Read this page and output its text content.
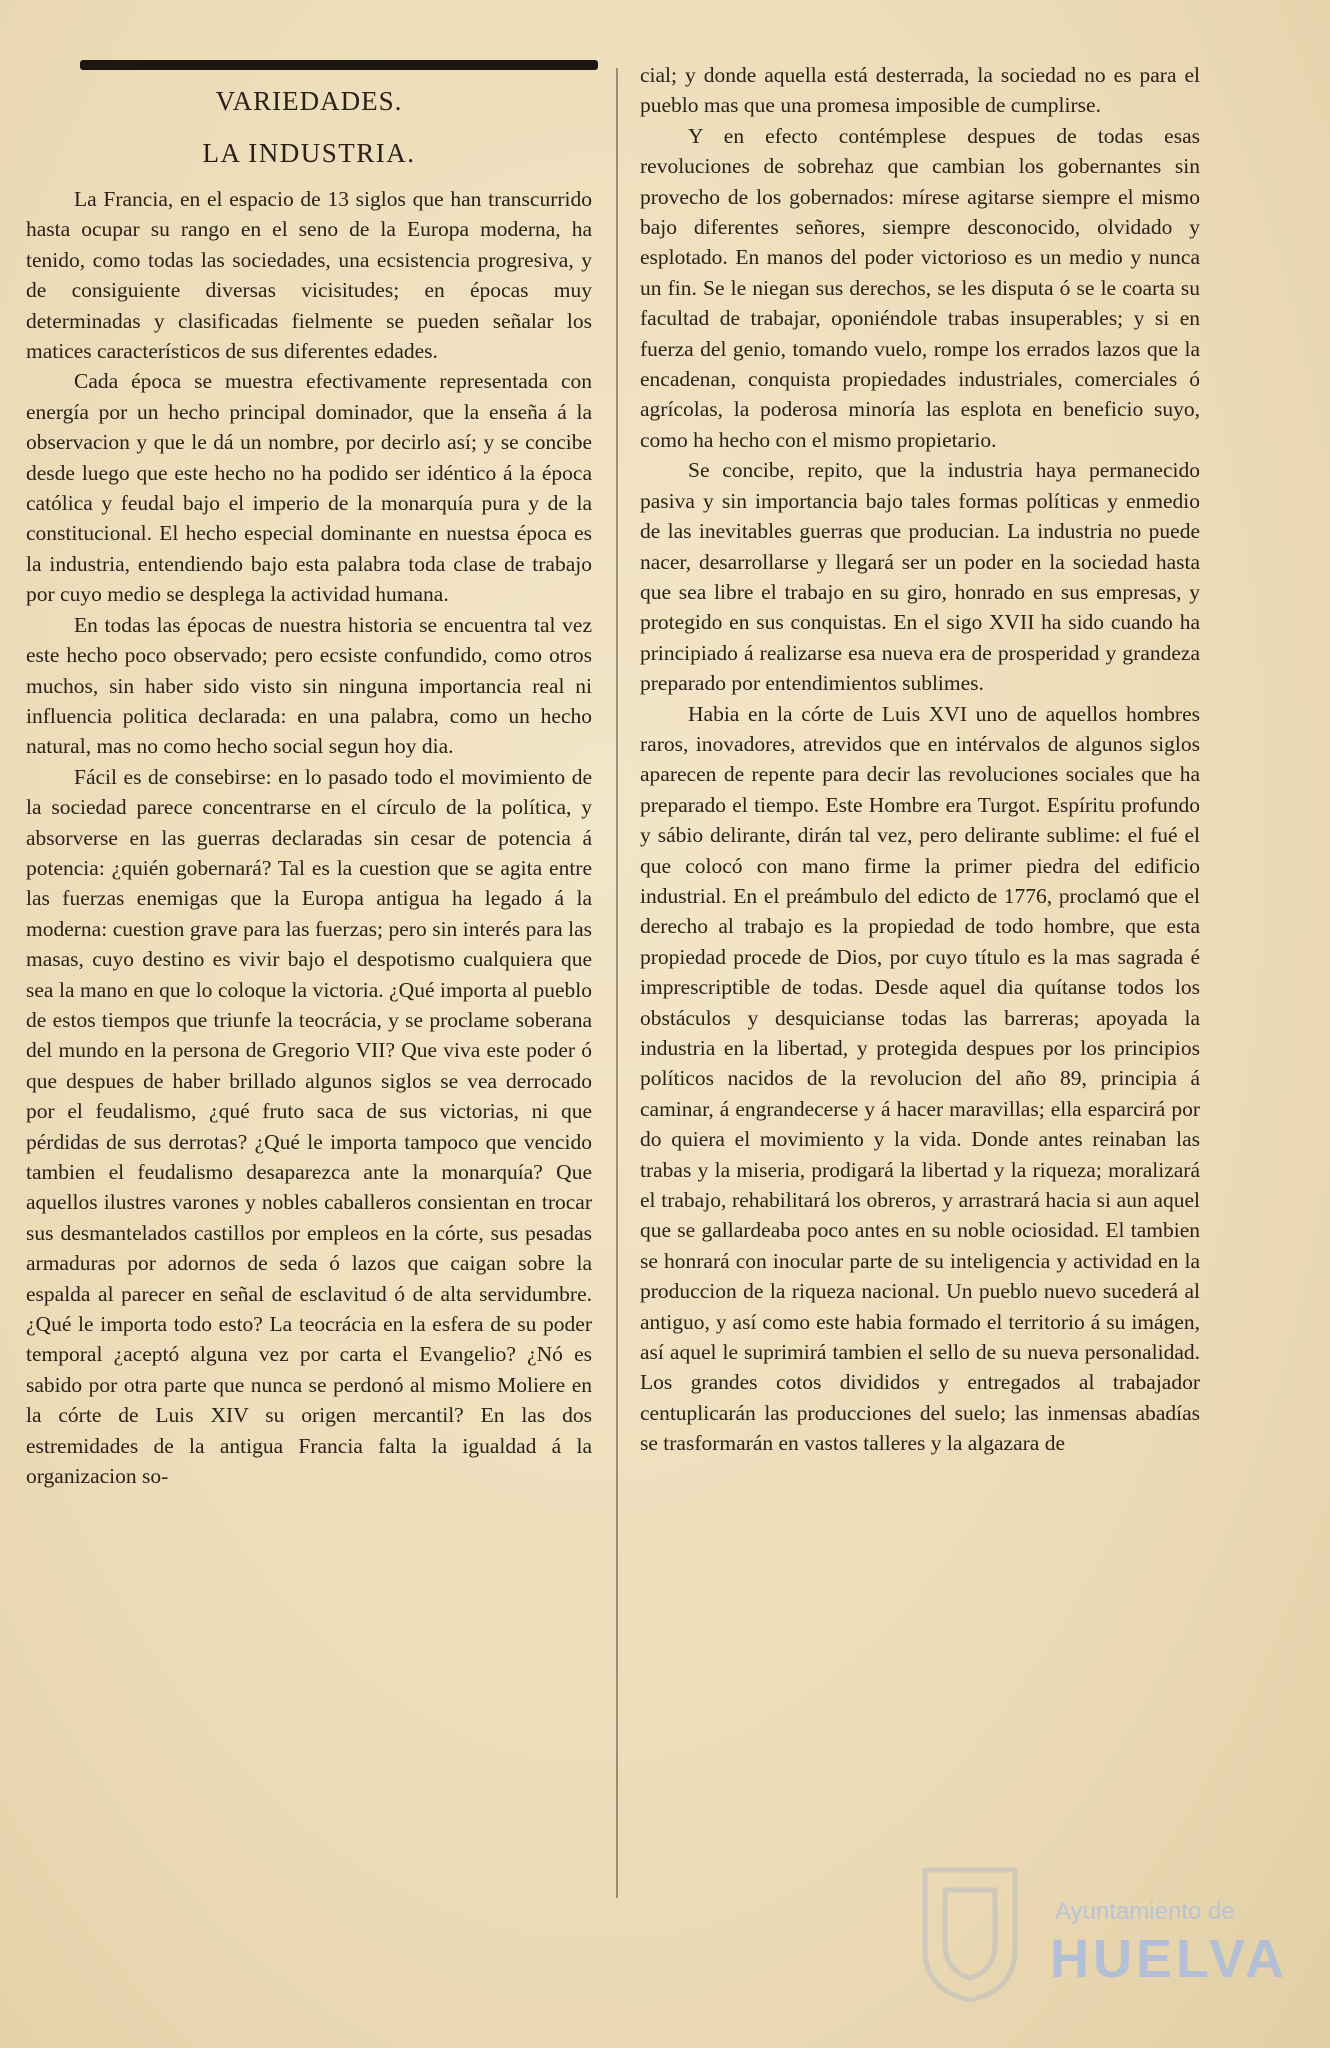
VARIEDADES.
LA INDUSTRIA.

La Francia, en el espacio de 13 siglos que han transcurrido hasta ocupar su rango en el seno de la Europa moderna, ha tenido, como todas las sociedades, una ecsistencia progresiva, y de consiguiente diversas vicisitudes; en épocas muy determinadas y clasificadas fielmente se pueden señalar los matices característicos de sus diferentes edades.

Cada época se muestra efectivamente representada con energía por un hecho principal dominador, que la enseña á la observacion y que le dá un nombre, por decirlo así; y se concibe desde luego que este hecho no ha podido ser idéntico á la época católica y feudal bajo el imperio de la monarquía pura y de la constitucional. El hecho especial dominante en nuestsa época es la industria, entendiendo bajo esta palabra toda clase de trabajo por cuyo medio se desplega la actividad humana.

En todas las épocas de nuestra historia se encuentra tal vez este hecho poco observado; pero ecsiste confundido, como otros muchos, sin haber sido visto sin ninguna importancia real ni influencia politica declarada: en una palabra, como un hecho natural, mas no como hecho social segun hoy dia.

Fácil es de consebirse: en lo pasado todo el movimiento de la sociedad parece concentrarse en el círculo de la política, y absorverse en las guerras declaradas sin cesar de potencia á potencia: ¿quién gobernará? Tal es la cuestion que se agita entre las fuerzas enemigas que la Europa antigua ha legado á la moderna: cuestion grave para las fuerzas; pero sin interés para las masas, cuyo destino es vivir bajo el despotismo cualquiera que sea la mano en que lo coloque la victoria. ¿Qué importa al pueblo de estos tiempos que triunfe la teocrácia, y se proclame soberana del mundo en la persona de Gregorio VII? Que viva este poder ó que despues de haber brillado algunos siglos se vea derrocado por el feudalismo, ¿qué fruto saca de sus victorias, ni que pérdidas de sus derrotas? ¿Qué le importa tampoco que vencido tambien el feudalismo desaparezca ante la monarquía? Que aquellos ilustres varones y nobles caballeros consientan en trocar sus desmantelados castillos por empleos en la córte, sus pesadas armaduras por adornos de seda ó lazos que caigan sobre la espalda al parecer en señal de esclavitud ó de alta servidumbre. ¿Qué le importa todo esto? La teocrácia en la esfera de su poder temporal ¿aceptó alguna vez por carta el Evangelio? ¿Nó es sabido por otra parte que nunca se perdonó al mismo Moliere en la córte de Luis XIV su origen mercantil? En las dos estremidades de la antigua Francia falta la igualdad á la organizacion so-

cial; y donde aquella está desterrada, la sociedad no es para el pueblo mas que una promesa imposible de cumplirse.

Y en efecto contémplese despues de todas esas revoluciones de sobrehaz que cambian los gobernantes sin provecho de los gobernados: mírese agitarse siempre el mismo bajo diferentes señores, siempre desconocido, olvidado y esplotado. En manos del poder victorioso es un medio y nunca un fin. Se le niegan sus derechos, se les disputa ó se le coarta su facultad de trabajar, oponiéndole trabas insuperables; y si en fuerza del genio, tomando vuelo, rompe los errados lazos que la encadenan, conquista propiedades industriales, comerciales ó agrícolas, la poderosa minoría las esplota en beneficio suyo, como ha hecho con el mismo propietario.

Se concibe, repito, que la industria haya permanecido pasiva y sin importancia bajo tales formas políticas y enmedio de las inevitables guerras que producian. La industria no puede nacer, desarrollarse y llegará ser un poder en la sociedad hasta que sea libre el trabajo en su giro, honrado en sus empresas, y protegido en sus conquistas. En el sigo XVII ha sido cuando ha principiado á realizarse esa nueva era de prosperidad y grandeza preparado por entendimientos sublimes.

Habia en la córte de Luis XVI uno de aquellos hombres raros, inovadores, atrevidos que en intérvalos de algunos siglos aparecen de repente para decir las revoluciones sociales que ha preparado el tiempo. Este Hombre era Turgot. Espíritu profundo y sábio delirante, dirán tal vez, pero delirante sublime: el fué el que colocó con mano firme la primer piedra del edificio industrial. En el preámbulo del edicto de 1776, proclamó que el derecho al trabajo es la propiedad de todo hombre, que esta propiedad procede de Dios, por cuyo título es la mas sagrada é imprescriptible de todas. Desde aquel dia quítanse todos los obstáculos y desquicianse todas las barreras; apoyada la industria en la libertad, y protegida despues por los principios políticos nacidos de la revolucion del año 89, principia á caminar, á engrandecerse y á hacer maravillas; ella esparcirá por do quiera el movimiento y la vida. Donde antes reinaban las trabas y la miseria, prodigará la libertad y la riqueza; moralizará el trabajo, rehabilitará los obreros, y arrastrará hacia si aun aquel que se gallardeaba poco antes en su noble ociosidad. El tambien se honrará con inocular parte de su inteligencia y actividad en la produccion de la riqueza nacional. Un pueblo nuevo sucederá al antiguo, y así como este habia formado el territorio á su imágen, así aquel le suprimirá tambien el sello de su nueva personalidad. Los grandes cotos divididos y entregados al trabajador centuplicarán las producciones del suelo; las inmensas abadías se trasformarán en vastos talleres y la algazara de

Ayuntamiento de
HUELVA
